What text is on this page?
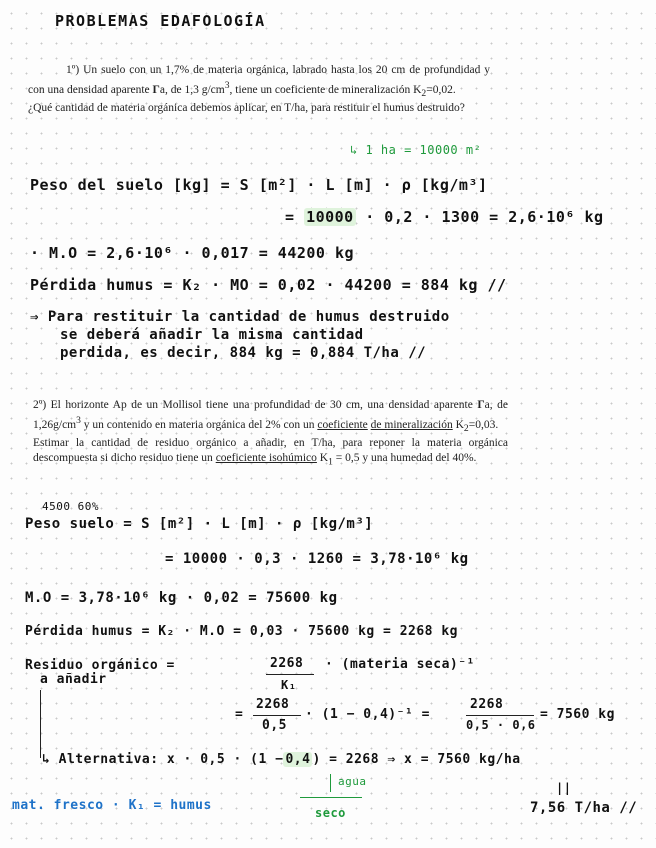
PROBLEMAS EDAFOLOGÍA

1º) Un suelo con un 1,7% de materia orgánica, labrado hasta los 20 cm de profundidad y con una densidad aparente Γa, de 1,3 $g/cm^3$, tiene un coeficiente de mineralización $K_2=0,02$.

¿Qué cantidad de materia orgánica debemos aplicar, en T/ha, para restituir el humus destruido?

↳ 1 ha = 10000 m²
Peso del suelo [kg] = S [m²] · L [m] · ρ [kg/m³]
= 10000 · 0,2 · 1300 = 2,6·10⁶ kg
· M.O = 2,6·10⁶ · 0,017 = 44200 kg
Pérdida humus = K₂ · MO = 0,02 · 44200 = 884 kg //
⇒ Para restituir la cantidad de humus destruido
se deberá añadir la misma cantidad
perdida, es decir, 884 kg = 0,884 T/ha //

2º) El horizonte Ap de un Mollisol tiene una profundidad de 30 cm, una densidad aparente Γa, de $1,26g/cm^3$ y un contenido en materia orgánica del 2% con un coeficiente de mineralización $K_2=0,03$.

Estimar la cantidad de residuo orgánico a añadir, en T/ha, para reponer la materia orgánica descompuesta si dicho residuo tiene un coeficiente isohúmico $K_1 = 0,5$ y una humedad del 40%.

4500 60%
Peso suelo = S [m²] · L [m] · ρ [kg/m³]
= 10000 · 0,3 · 1260 = 3,78·10⁶ kg
M.O = 3,78·10⁶ kg · 0,02 = 75600 kg
Pérdida humus = K₂ · M.O = 0,03 · 75600 kg = 2268 kg
Residuo orgánico =
a añadir
2268
K₁
· (materia seca)⁻¹
=
2268
0,5
· (1 − 0,4)⁻¹ =
2268
0,5 · 0,6
= 7560 kg
↳ Alternativa: x · 0,5 · (1 − 0,4 ) = 2268 ⇒ x = 7560 kg/ha
agua
seco
||
7,56 T/ha //
mat. fresco · K₁ = humus
